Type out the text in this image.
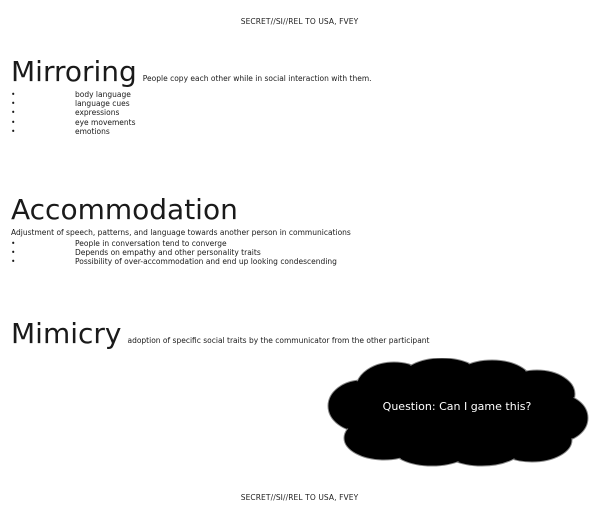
SECRET//SI//REL TO USA, FVEY
Mirroring People copy each other while in social interaction with them.
•	body language
•	language cues
•	expressions
•	eye movements
•	emotions
Accommodation
Adjustment of speech, patterns, and language towards another person in communications
•	People in conversation tend to converge
•	Depends on empathy and other personality traits
•	Possibility of over-accommodation and end up looking condescending
Mimicry adoption of specific social traits by the communicator from the other participant
Question: Can I game this?
SECRET//SI//REL TO USA, FVEY
